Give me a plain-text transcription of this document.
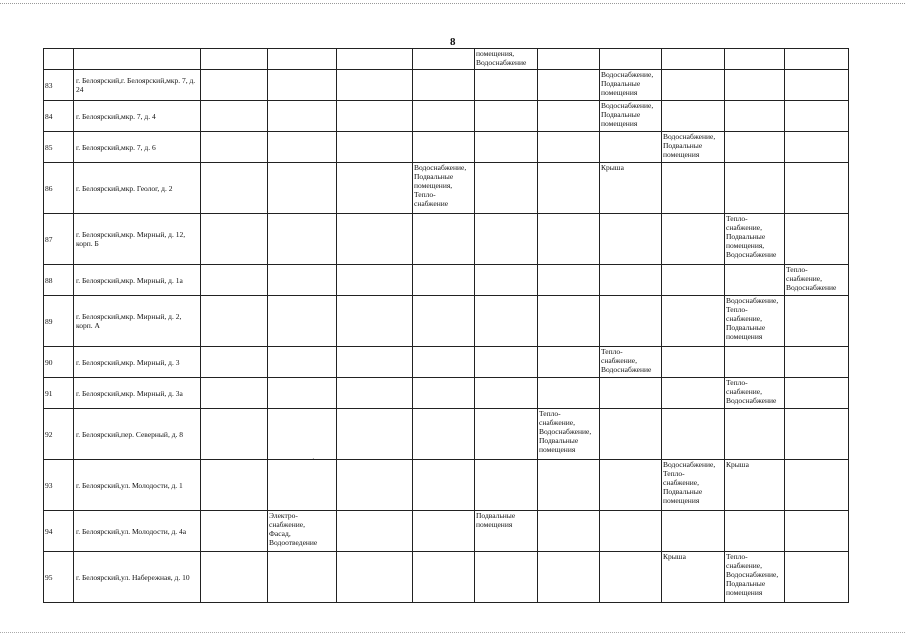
8
·
						помещения,
Водоснабжение					
83	г. Белоярский,г. Белоярский,мкр. 7, д. 24							Водоснабжение,
Подвальные
помещения			
84	г. Белоярский,мкр. 7, д. 4							Водоснабжение,
Подвальные
помещения			
85	г. Белоярский,мкр. 7, д. 6								Водоснабжение,
Подвальные
помещения		
86	г. Белоярский,мкр. Геолог, д. 2				Водоснабжение,
Подвальные
помещения,
Тепло-
снабжение			Крыша			
87	г. Белоярский,мкр. Мирный, д. 12, корп. Б									Тепло-
снабжение,
Подвальные
помещения,
Водоснабжение	
88	г. Белоярский,мкр. Мирный, д. 1а										Тепло-
снабжение,
Водоснабжение
89	г. Белоярский,мкр. Мирный, д. 2, корп. А									Водоснабжение,
Тепло-
снабжение,
Подвальные
помещения	
90	г. Белоярский,мкр. Мирный, д. 3							Тепло-
снабжение,
Водоснабжение			
91	г. Белоярский,мкр. Мирный, д. 3а									Тепло-
снабжение,
Водоснабжение	
92	г. Белоярский,пер. Северный, д. 8						Тепло-
снабжение,
Водоснабжение,
Подвальные
помещения				
93	г. Белоярский,ул. Молодости, д. 1								Водоснабжение,
Тепло-
снабжение,
Подвальные
помещения	Крыша	
94	г. Белоярский,ул. Молодости, д. 4а		Электро-
снабжение,
Фасад,
Водоотведение			Подвальные
помещения					
95	г. Белоярский,ул. Набережная, д. 10								Крыша	Тепло-
снабжение,
Водоснабжение,
Подвальные
помещения	
